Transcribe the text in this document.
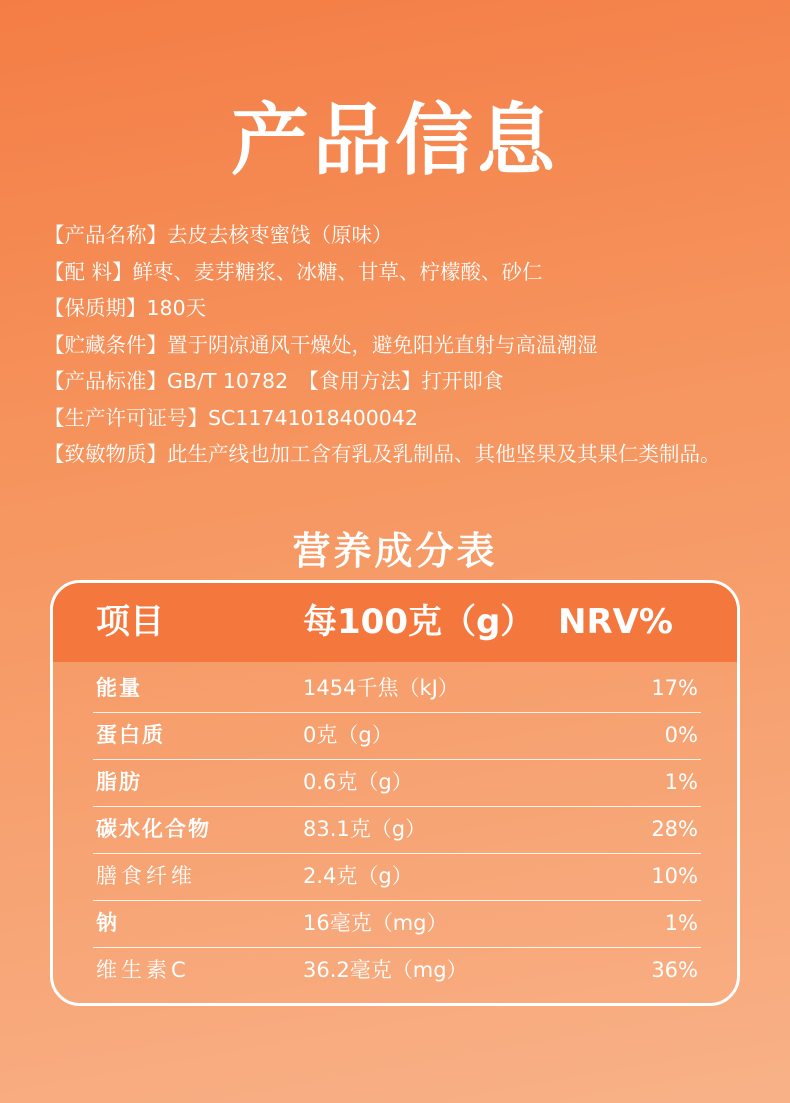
产品信息
【产品名称】去皮去核枣蜜饯（原味）
【配 料】鲜枣、麦芽糖浆、冰糖、甘草、柠檬酸、砂仁
【保质期】180天
【贮藏条件】置于阴凉通风干燥处，避免阳光直射与高温潮湿
【产品标准】GB/T 10782　【食用方法】打开即食
【生产许可证号】SC11741018400042
【致敏物质】此生产线也加工含有乳及乳制品、其他坚果及其果仁类制品。
营养成分表
项目	每100克（g） NRV%
能量	1454千焦（kJ）	17%
蛋白质	0克（g）	0%
脂肪	0.6克（g）	1%
碳水化合物	83.1克（g）	28%
膳食纤维	2.4克（g）	10%
钠	16毫克（mg）	1%
维生素C	36.2毫克（mg）	36%
